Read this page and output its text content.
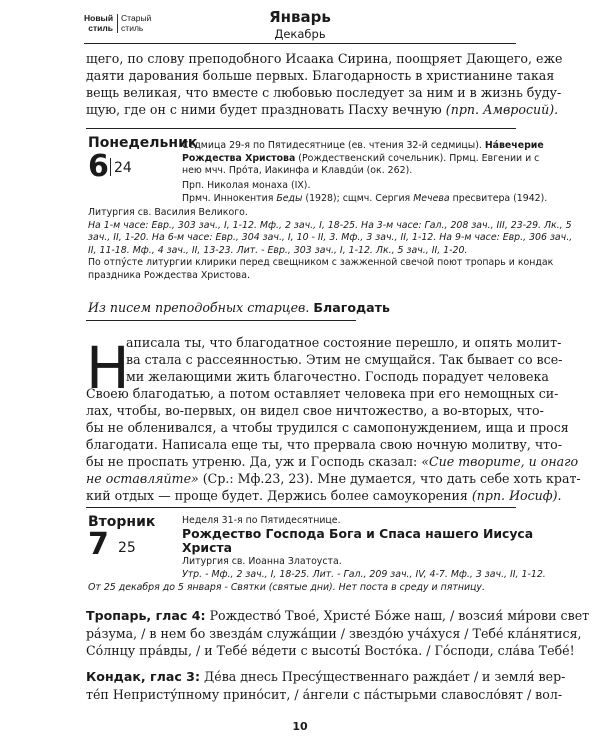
Новый
стильСтарый
стиль
Январь
Декабрь
щего, по слову преподобного Исаака Сирина, поощряет Дающего, еже
даяти дарования больше первых. Благодарность в христианине такая
вещь великая, что вместе с любовью последует за ним и в жизнь буду-
щую, где он с ними будет праздновать Пасху вечную (прп. Амвросий).
Понедельник
6 24
Седмица 29-я по Пятидесятнице (ев. чтения 32-й седмицы). Нáвечерие
Рождества Христова (Рождественский сочельник). Прмц. Евгении и с
нею мчч. Прóта, Иакинфа и Клавдúи (ок. 262).
Прп. Николая монаха (IX).
Прмч. Иннокентия Беды (1928); сщмч. Сергия Мечева пресвитера (1942).
Литургия св. Василия Великого.
На 1-м часе: Евр., 303 зач., I, 1-12. Мф., 2 зач., I, 18-25. На 3-м часе: Гал., 208 зач., III, 23-29. Лк., 5
зач., II, 1-20. На 6-м часе: Евр., 304 зач., I, 10 - II, 3. Мф., 3 зач., II, 1-12. На 9-м часе: Евр., 306 зач.,
II, 11-18. Мф., 4 зач., II, 13-23. Лит. - Евр., 303 зач., I, 1-12. Лк., 5 зач., II, 1-20.
По отпýсте литургии клирики перед свещником с зажженной свечой поют тропарь и кондак
праздника Рождества Христова.
Из писем преподобных старцев. Благодать
Н
аписала ты, что благодатное состояние перешло, и опять молит-
ва стала с рассеянностью. Этим не смущайся. Так бывает со все-
ми желающими жить благочестно. Господь порадует человека
Своею благодатью, а потом оставляет человека при его немощных си-
лах, чтобы, во-первых, он видел свое ничтожество, а во-вторых, что-
бы не обленивался, а чтобы трудился с самопонуждением, ища и прося
благодати. Написала еще ты, что прервала свою ночную молитву, что-
бы не проспать утреню. Да, уж и Господь сказал: «Сие творите, и онаго
не оставляйте» (Ср.: Мф.23, 23). Мне думается, что дать себе хоть крат-
кий отдых — проще будет. Держись более самоукорения (прп. Иосиф).
Вторник
7 25
Неделя 31-я по Пятидесятнице.
Рождество Господа Бога и Спаса нашего Иисуса
Христа
Литургия св. Иоанна Златоуста.
Утр. - Мф., 2 зач., I, 18-25. Лит. - Гал., 209 зач., IV, 4-7. Мф., 3 зач., II, 1-12.
От 25 декабря до 5 января - Святки (святые дни). Нет поста в среду и пятницу.
Тропарь, глас 4: Рождество́ Твое́, Христе́ Бо́же наш, / возсия́ ми́рови свет
ра́зума, / в нем бо звезда́м служа́щии / звездо́ю уча́хуся / Тебе́ кла́нятися,
Со́лнцу пра́вды, / и Тебе́ ве́дети с высоты́ Восто́ка. / Го́споди, сла́ва Тебе́!
Кондак, глас 3: Де́ва днесь Пресу́щественнаго ражда́ет / и земля́ вер-
те́п Непристу́пному прино́сит, / а́нгели с па́стырьми славосло́вят / вол-
10
